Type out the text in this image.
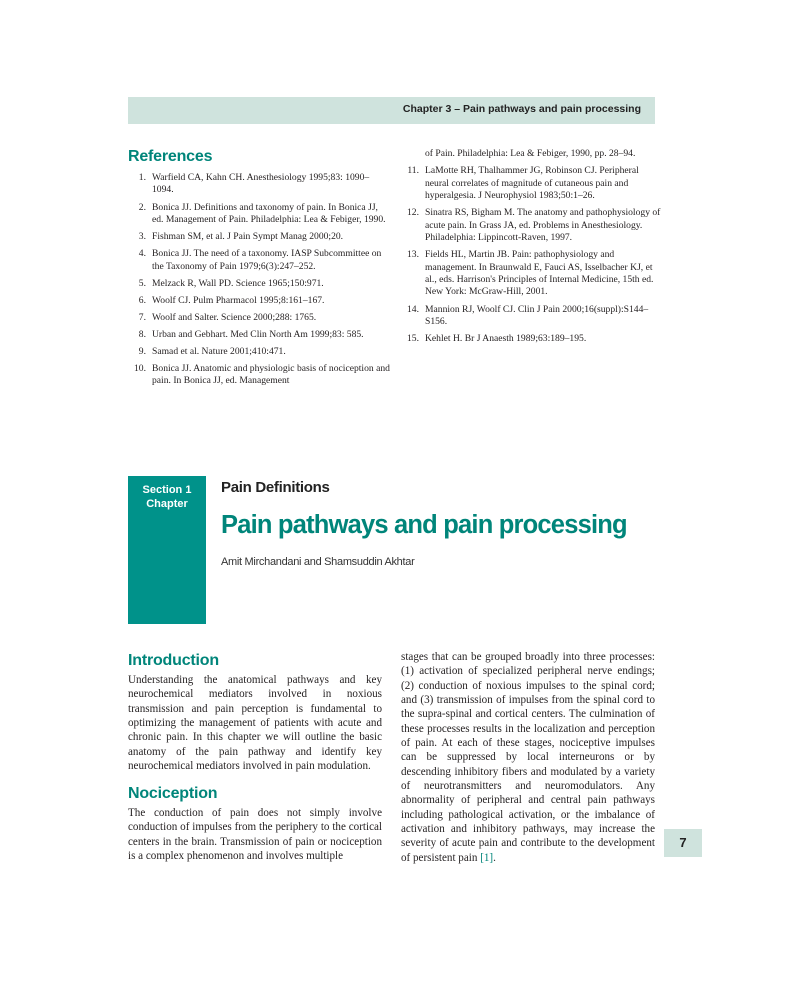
Chapter 3 – Pain pathways and pain processing
References
1. Warfield CA, Kahn CH. Anesthesiology 1995;83: 1090–1094.
2. Bonica JJ. Definitions and taxonomy of pain. In Bonica JJ, ed. Management of Pain. Philadelphia: Lea & Febiger, 1990.
3. Fishman SM, et al. J Pain Sympt Manag 2000;20.
4. Bonica JJ. The need of a taxonomy. IASP Subcommittee on the Taxonomy of Pain 1979;6(3):247–252.
5. Melzack R, Wall PD. Science 1965;150:971.
6. Woolf CJ. Pulm Pharmacol 1995;8:161–167.
7. Woolf and Salter. Science 2000;288: 1765.
8. Urban and Gebhart. Med Clin North Am 1999;83: 585.
9. Samad et al. Nature 2001;410:471.
10. Bonica JJ. Anatomic and physiologic basis of nociception and pain. In Bonica JJ, ed. Management
of Pain. Philadelphia: Lea & Febiger, 1990, pp. 28–94.
11. LaMotte RH, Thalhammer JG, Robinson CJ. Peripheral neural correlates of magnitude of cutaneous pain and hyperalgesia. J Neurophysiol 1983;50:1–26.
12. Sinatra RS, Bigham M. The anatomy and pathophysiology of acute pain. In Grass JA, ed. Problems in Anesthesiology. Philadelphia: Lippincott-Raven, 1997.
13. Fields HL, Martin JB. Pain: pathophysiology and management. In Braunwald E, Fauci AS, Isselbacher KJ, et al., eds. Harrison's Principles of Internal Medicine, 15th ed. New York: McGraw-Hill, 2001.
14. Mannion RJ, Woolf CJ. Clin J Pain 2000;16(suppl):S144–S156.
15. Kehlet H. Br J Anaesth 1989;63:189–195.
Section 1
Chapter
3
Pain Definitions
Pain pathways and pain processing
Amit Mirchandani and Shamsuddin Akhtar
Introduction

Understanding the anatomical pathways and key neurochemical mediators involved in noxious transmission and pain perception is fundamental to optimizing the management of patients with acute and chronic pain. In this chapter we will outline the basic anatomy of the pain pathway and identify key neurochemical mediators involved in pain modulation.

Nociception

The conduction of pain does not simply involve conduction of impulses from the periphery to the cortical centers in the brain. Transmission of pain or nociception is a complex phenomenon and involves multiple

stages that can be grouped broadly into three processes: (1) activation of specialized peripheral nerve endings; (2) conduction of noxious impulses to the spinal cord; and (3) transmission of impulses from the spinal cord to the supra-spinal and cortical centers. The culmination of these processes results in the localization and perception of pain. At each of these stages, nociceptive impulses can be suppressed by local interneurons or by descending inhibitory fibers and modulated by a variety of neurotransmitters and neuromodulators. Any abnormality of peripheral and central pain pathways including pathological activation, or the imbalance of activation and inhibitory pathways, may increase the severity of acute pain and contribute to the development of persistent pain [1].

7
